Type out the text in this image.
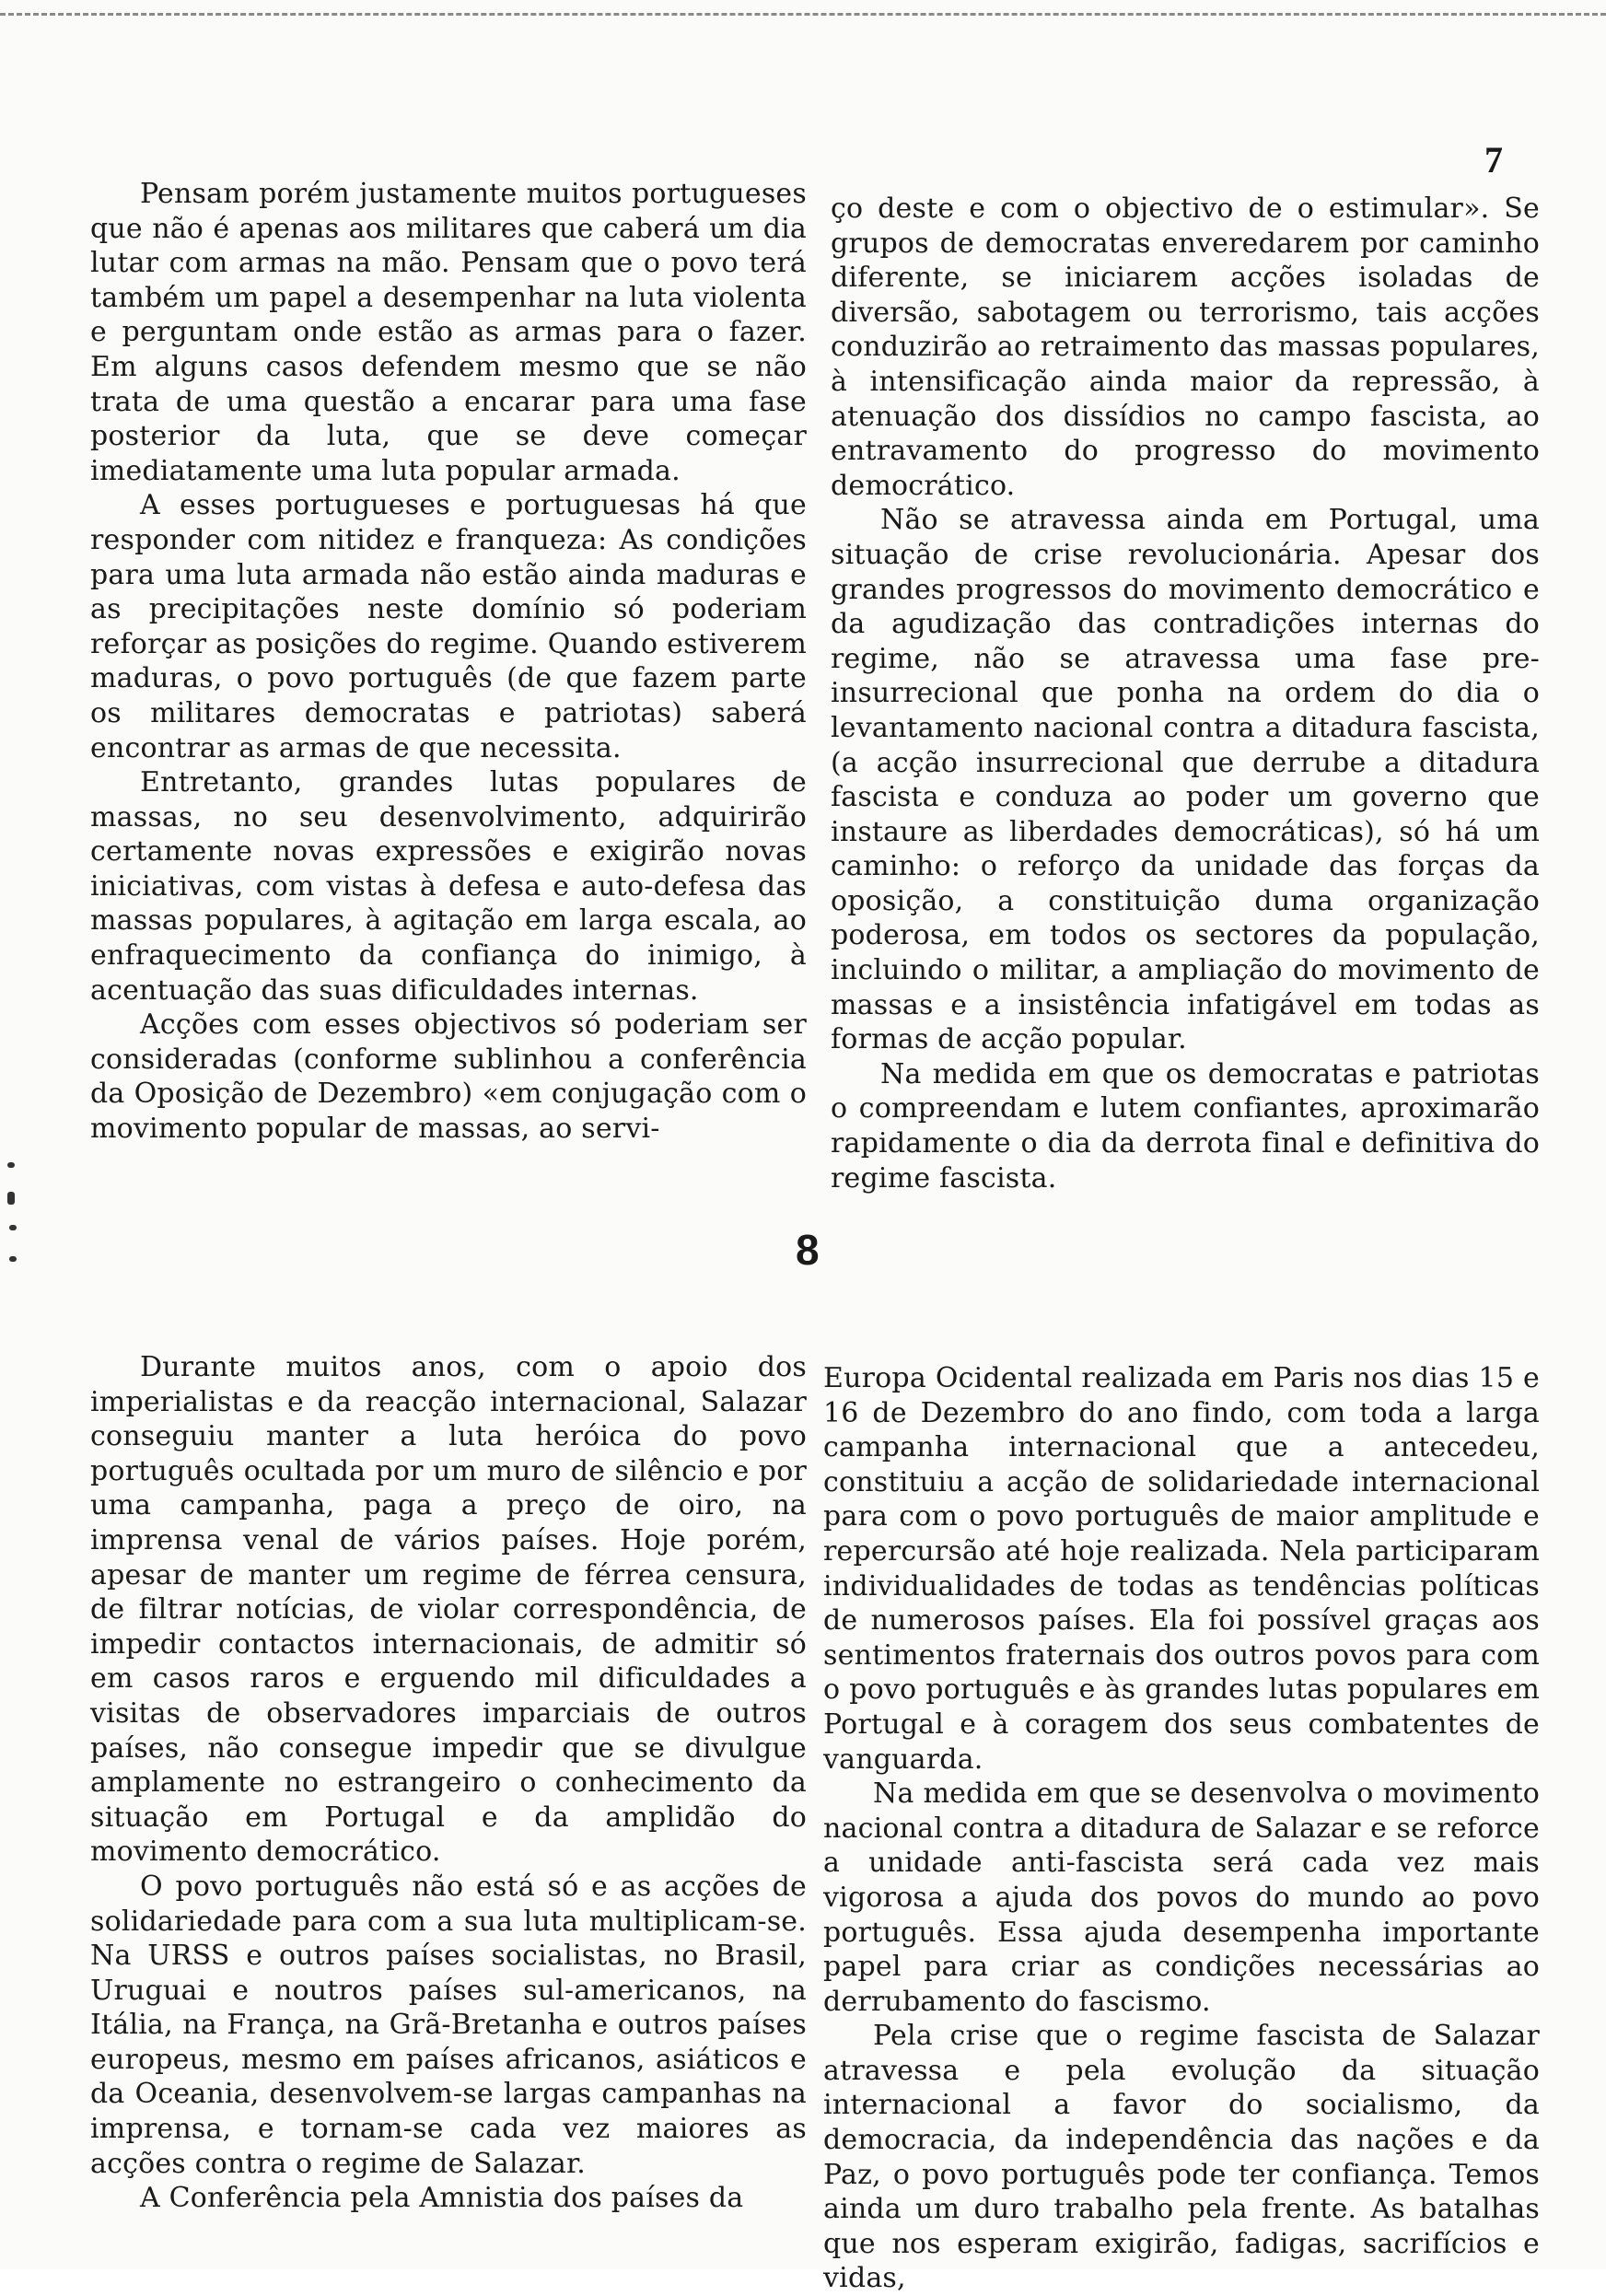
7

Pensam porém justamente muitos portugueses que não é apenas aos militares que caberá um dia lutar com armas na mão. Pensam que o povo terá também um papel a desempenhar na luta violenta e perguntam onde estão as armas para o fazer. Em alguns casos defendem mesmo que se não trata de uma questão a encarar para uma fase posterior da luta, que se deve começar imediatamente uma luta popular armada.

A esses portugueses e portuguesas há que responder com nitidez e franqueza: As condições para uma luta armada não estão ainda maduras e as precipitações neste domínio só poderiam reforçar as posições do regime. Quando estiverem maduras, o povo português (de que fazem parte os militares democratas e patriotas) saberá encontrar as armas de que necessita.

Entretanto, grandes lutas populares de massas, no seu desenvolvimento, adquirirão certamente novas expressões e exigirão novas iniciativas, com vistas à defesa e auto-defesa das massas populares, à agitação em larga escala, ao enfraquecimento da confiança do inimigo, à acentuação das suas dificuldades internas.

Acções com esses objectivos só poderiam ser consideradas (conforme sublinhou a conferência da Oposição de Dezembro) «em conjugação com o movimento popular de massas, ao servi-

ço deste e com o objectivo de o estimular». Se grupos de democratas enveredarem por caminho diferente, se iniciarem acções isoladas de diversão, sabotagem ou terrorismo, tais acções conduzirão ao retraimento das massas populares, à intensificação ainda maior da repressão, à atenuação dos dissídios no campo fascista, ao entravamento do progresso do movimento democrático.

Não se atravessa ainda em Portugal, uma situação de crise revolucionária. Apesar dos grandes progressos do movimento democrático e da agudização das contradições internas do regime, não se atravessa uma fase pre-insurrecional que ponha na ordem do dia o levantamento nacional contra a ditadura fascista, (a acção insurrecional que derrube a ditadura fascista e conduza ao poder um governo que instaure as liberdades democráticas), só há um caminho: o reforço da unidade das forças da oposição, a constituição duma organização poderosa, em todos os sectores da população, incluindo o militar, a ampliação do movimento de massas e a insistência infatigável em todas as formas de acção popular.

Na medida em que os democratas e patriotas o compreendam e lutem confiantes, aproximarão rapidamente o dia da derrota final e definitiva do regime fascista.

8

Durante muitos anos, com o apoio dos imperialistas e da reacção internacional, Salazar conseguiu manter a luta heróica do povo português ocultada por um muro de silêncio e por uma campanha, paga a preço de oiro, na imprensa venal de vários países. Hoje porém, apesar de manter um regime de férrea censura, de filtrar notícias, de violar correspondência, de impedir contactos internacionais, de admitir só em casos raros e erguendo mil dificuldades a visitas de observadores imparciais de outros países, não consegue impedir que se divulgue amplamente no estrangeiro o conhecimento da situação em Portugal e da amplidão do movimento democrático.

O povo português não está só e as acções de solidariedade para com a sua luta multiplicam-se. Na URSS e outros países socialistas, no Brasil, Uruguai e noutros países sul-americanos, na Itália, na França, na Grã-Bretanha e outros países europeus, mesmo em países africanos, asiáticos e da Oceania, desenvolvem-se largas campanhas na imprensa, e tornam-se cada vez maiores as acções contra o regime de Salazar.

A Conferência pela Amnistia dos países da

Europa Ocidental realizada em Paris nos dias 15 e 16 de Dezembro do ano findo, com toda a larga campanha internacional que a antecedeu, constituiu a acção de solidariedade internacional para com o povo português de maior amplitude e repercursão até hoje realizada. Nela participaram individualidades de todas as tendências políticas de numerosos países. Ela foi possível graças aos sentimentos fraternais dos outros povos para com o povo português e às grandes lutas populares em Portugal e à coragem dos seus combatentes de vanguarda.

Na medida em que se desenvolva o movimento nacional contra a ditadura de Salazar e se reforce a unidade anti-fascista será cada vez mais vigorosa a ajuda dos povos do mundo ao povo português. Essa ajuda desempenha importante papel para criar as condições necessárias ao derrubamento do fascismo.

Pela crise que o regime fascista de Salazar atravessa e pela evolução da situação internacional a favor do socialismo, da democracia, da independência das nações e da Paz, o povo português pode ter confiança. Temos ainda um duro trabalho pela frente. As batalhas que nos esperam exigirão, fadigas, sacrifícios e vidas,
